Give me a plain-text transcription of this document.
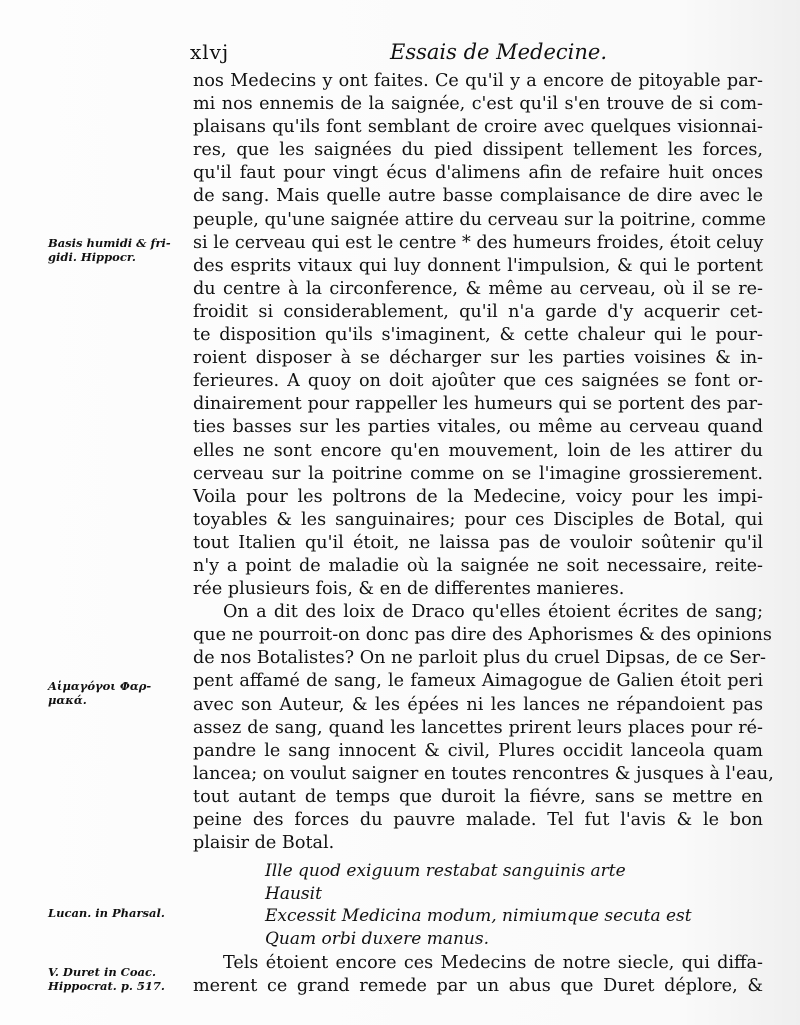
xlvj	Essais de Medecine.
nos Medecins y ont faites. Ce qu'il y a encore de pitoyable par-
mi nos ennemis de la saignée, c'est qu'il s'en trouve de si com-
plaisans qu'ils font semblant de croire avec quelques visionnai-
res, que les saignées du pied dissipent tellement les forces,
qu'il faut pour vingt écus d'alimens afin de refaire huit onces
de sang. Mais quelle autre basse complaisance de dire avec le
peuple, qu'une saignée attire du cerveau sur la poitrine, comme
si le cerveau qui est le centre * des humeurs froides, étoit celuy
des esprits vitaux qui luy donnent l'impulsion, & qui le portent
du centre à la circonference, & même au cerveau, où il se re-
froidit si considerablement, qu'il n'a garde d'y acquerir cet-
te disposition qu'ils s'imaginent, & cette chaleur qui le pour-
roient disposer à se décharger sur les parties voisines & in-
ferieures. A quoy on doit ajoûter que ces saignées se font or-
dinairement pour rappeller les humeurs qui se portent des par-
ties basses sur les parties vitales, ou même au cerveau quand
elles ne sont encore qu'en mouvement, loin de les attirer du
cerveau sur la poitrine comme on se l'imagine grossierement.
Voila pour les poltrons de la Medecine, voicy pour les impi-
toyables & les sanguinaires; pour ces Disciples de Botal, qui
tout Italien qu'il étoit, ne laissa pas de vouloir soûtenir qu'il
n'y a point de maladie où la saignée ne soit necessaire, reite-
rée plusieurs fois, & en de differentes manieres.
On a dit des loix de Draco qu'elles étoient écrites de sang;
que ne pourroit-on donc pas dire des Aphorismes & des opinions
de nos Botalistes? On ne parloit plus du cruel Dipsas, de ce Ser-
pent affamé de sang, le fameux Aimagogue de Galien étoit peri
avec son Auteur, & les épées ni les lances ne répandoient pas
assez de sang, quand les lancettes prirent leurs places pour ré-
pandre le sang innocent & civil, Plures occidit lanceola quam
lancea; on voulut saigner en toutes rencontres & jusques à l'eau,
tout autant de temps que duroit la fiévre, sans se mettre en
peine des forces du pauvre malade. Tel fut l'avis & le bon
plaisir de Botal.
Ille quod exiguum restabat sanguinis arte
Hausit
Excessit Medicina modum, nimiumque secuta est
Quam orbi duxere manus.
Tels étoient encore ces Medecins de notre siecle, qui diffa-
merent ce grand remede par un abus que Duret déplore, &
Basis humidi & fri-
gidi. Hippocr.
Αἱμαγόγοι Φαρ-
μακά.
Lucan. in Pharsal.
V. Duret in Coac.
Hippocrat. p. 517.
